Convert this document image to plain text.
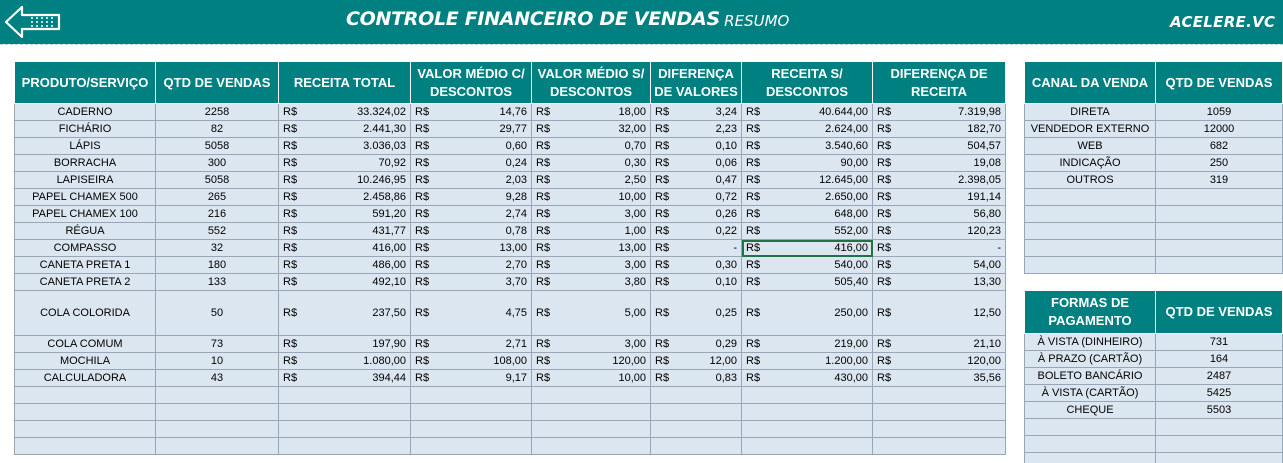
CONTROLE FINANCEIRO DE VENDAS
- RESUMO	ACELERE.VC
PRODUTO/SERVIÇO	QTD DE VENDAS	RECEITA TOTAL	VALOR MÉDIO C/ DESCONTOS	VALOR MÉDIO S/ DESCONTOS	DIFERENÇA DE VALORES	RECEITA S/ DESCONTOS	DIFERENÇA DE RECEITA
CADERNO	2258	R$ 33.324,02	R$ 14,76	R$ 18,00	R$ 3,24	R$ 40.644,00	R$ 7.319,98

FICHÁRIO	82	R$ 2.441,30	R$ 29,77	R$ 32,00	R$ 2,23	R$ 2.624,00	R$ 182,70

LÁPIS	5058	R$ 3.036,03	R$ 0,60	R$ 0,70	R$ 0,10	R$ 3.540,60	R$ 504,57

BORRACHA	300	R$ 70,92	R$ 0,24	R$ 0,30	R$ 0,06	R$ 90,00	R$ 19,08

LAPISEIRA	5058	R$ 10.246,95	R$ 2,03	R$ 2,50	R$ 0,47	R$ 12.645,00	R$ 2.398,05

PAPEL CHAMEX 500	265	R$ 2.458,86	R$ 9,28	R$ 10,00	R$ 0,72	R$ 2.650,00	R$ 191,14

PAPEL CHAMEX 100	216	R$ 591,20	R$ 2,74	R$ 3,00	R$ 0,26	R$ 648,00	R$ 56,80

RÉGUA	552	R$ 431,77	R$ 0,78	R$ 1,00	R$ 0,22	R$ 552,00	R$ 120,23

COMPASSO	32	R$ 416,00	R$ 13,00	R$ 13,00	R$ -	R$ 416,00	R$ -

CANETA PRETA 1	180	R$ 486,00	R$ 2,70	R$ 3,00	R$ 0,30	R$ 540,00	R$ 54,00

CANETA PRETA 2	133	R$ 492,10	R$ 3,70	R$ 3,80	R$ 0,10	R$ 505,40	R$ 13,30

COLA COLORIDA	50	R$ 237,50	R$ 4,75	R$ 5,00	R$ 0,25	R$ 250,00	R$ 12,50

COLA COMUM	73	R$ 197,90	R$ 2,71	R$ 3,00	R$ 0,29	R$ 219,00	R$ 21,10

MOCHILA	10	R$ 1.080,00	R$ 108,00	R$ 120,00	R$ 12,00	R$ 1.200,00	R$ 120,00

CALCULADORA	43	R$ 394,44	R$ 9,17	R$ 10,00	R$ 0,83	R$ 430,00	R$ 35,56

CANAL DA VENDA	QTD DE VENDAS	
DIRETA	1059	
VENDEDOR EXTERNO	12000	
WEB	682	
INDICAÇÃO	250	
OUTROS	319	

FORMAS DE PAGAMENTO	QTD DE VENDAS	
À VISTA (DINHEIRO)	731	
À PRAZO (CARTÃO)	164	
BOLETO BANCÁRIO	2487	
À VISTA (CARTÃO)	5425	
CHEQUE	5503	
